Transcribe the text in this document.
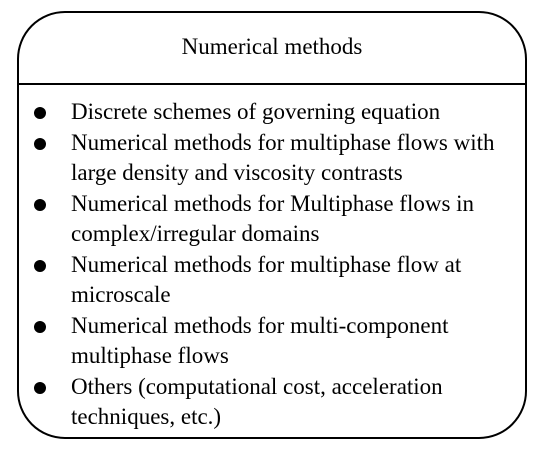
Numerical methods
Discrete schemes of governing equation
Numerical methods for multiphase flows with large density and viscosity contrasts
Numerical methods for Multiphase flows in complex/irregular domains
Numerical methods for multiphase flow at microscale
Numerical methods for multi-component multiphase flows
Others (computational cost, acceleration techniques, etc.)
